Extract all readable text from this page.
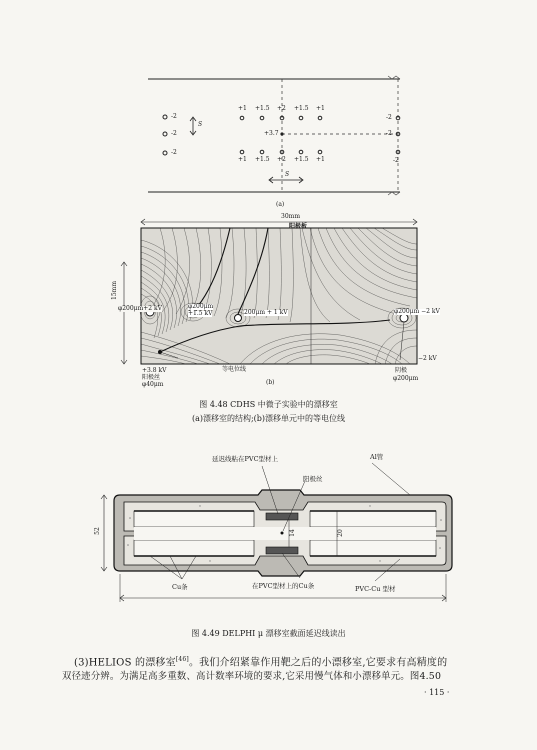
-2
-2
-2
S
+1 +1.5 +2 +1.5 +1
+3.7
+1 +1.5 +2 +1.5 +1
-2
-2
-2
S
(a)
30mm
阳极板
15mm
φ200μm+2 kV	φ200μm
+1.5 kV	200μm + 1 kV	φ200μm −2 kV
−2 kV
+3.8 kV
阳极丝
φ40μm
等电位线	阴极
φ200μm
(b)
图 4.48 CDHS 中微子实验中的漂移室
(a)漂移室的结构;(b)漂移单元中的等电位线
延迟线粘在PVC型材上	Al管
阳极丝
52	14	20
Cu条	在PVC型材上的Cu条	PVC-Cu 型材
图 4.49 DELPHI μ 漂移室截面延迟线读出
(3)HELIOS 的漂移室[46]。我们介绍紧靠作用靶之后的小漂移室,它要求有高精度的
双径迹分辨。为满足高多重数、高计数率环境的要求,它采用慢气体和小漂移单元。图4.50
· 115 ·
